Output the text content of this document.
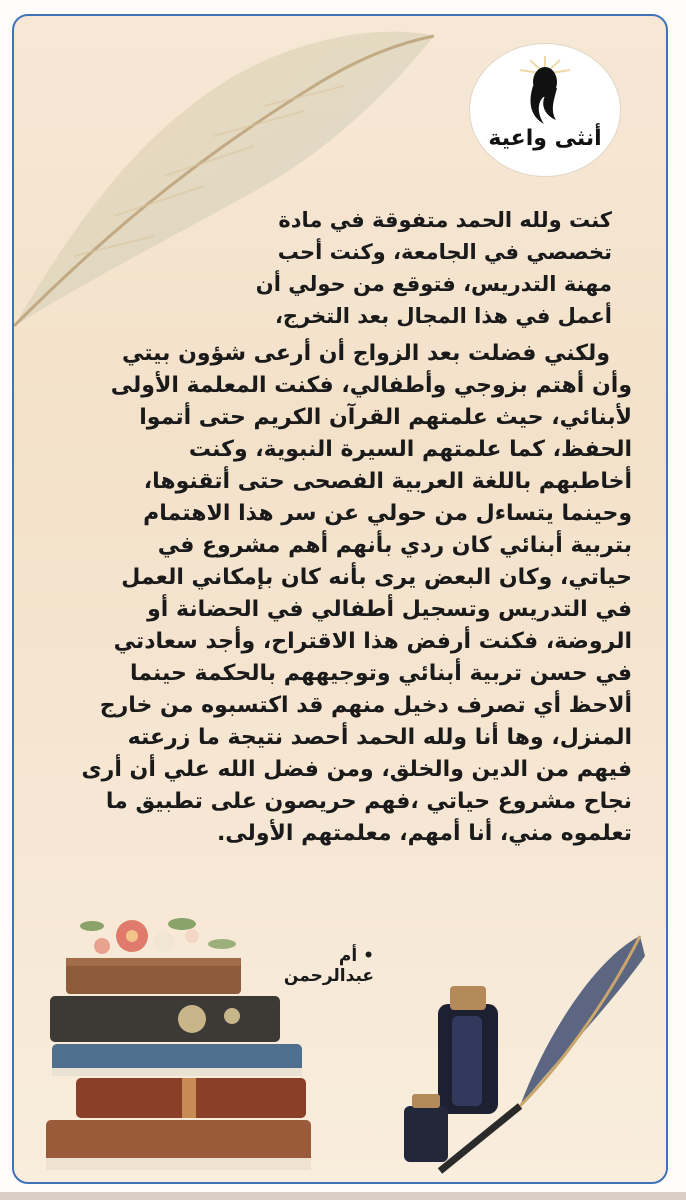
أنثى واعية
كنت ولله الحمد متفوقة في مادة
تخصصي في الجامعة، وكنت أحب
مهنة التدريس، فتوقع من حولي أن
أعمل في هذا المجال بعد التخرج،
ولكني فضلت بعد الزواج أن أرعى شؤون بيتي
وأن أهتم بزوجي وأطفالي، فكنت المعلمة الأولى
لأبنائي، حيث علمتهم القرآن الكريم حتى أتموا
الحفظ، كما علمتهم السيرة النبوية، وكنت
أخاطبهم باللغة العربية الفصحى حتى أتقنوها،
وحينما يتساءل من حولي عن سر هذا الاهتمام
بتربية أبنائي كان ردي بأنهم أهم مشروع في
حياتي، وكان البعض يرى بأنه كان بإمكاني العمل
في التدريس وتسجيل أطفالي في الحضانة أو
الروضة، فكنت أرفض هذا الاقتراح، وأجد سعادتي
في حسن تربية أبنائي وتوجيههم بالحكمة حينما
ألاحظ أي تصرف دخيل منهم قد اكتسبوه من خارج
المنزل، وها أنا ولله الحمد أحصد نتيجة ما زرعته
فيهم من الدين والخلق، ومن فضل الله علي أن أرى
نجاح مشروع حياتي ،فهم حريصون على تطبيق ما
تعلموه مني، أنا أمهم، معلمتهم الأولى.
• أم عبدالرحمن
